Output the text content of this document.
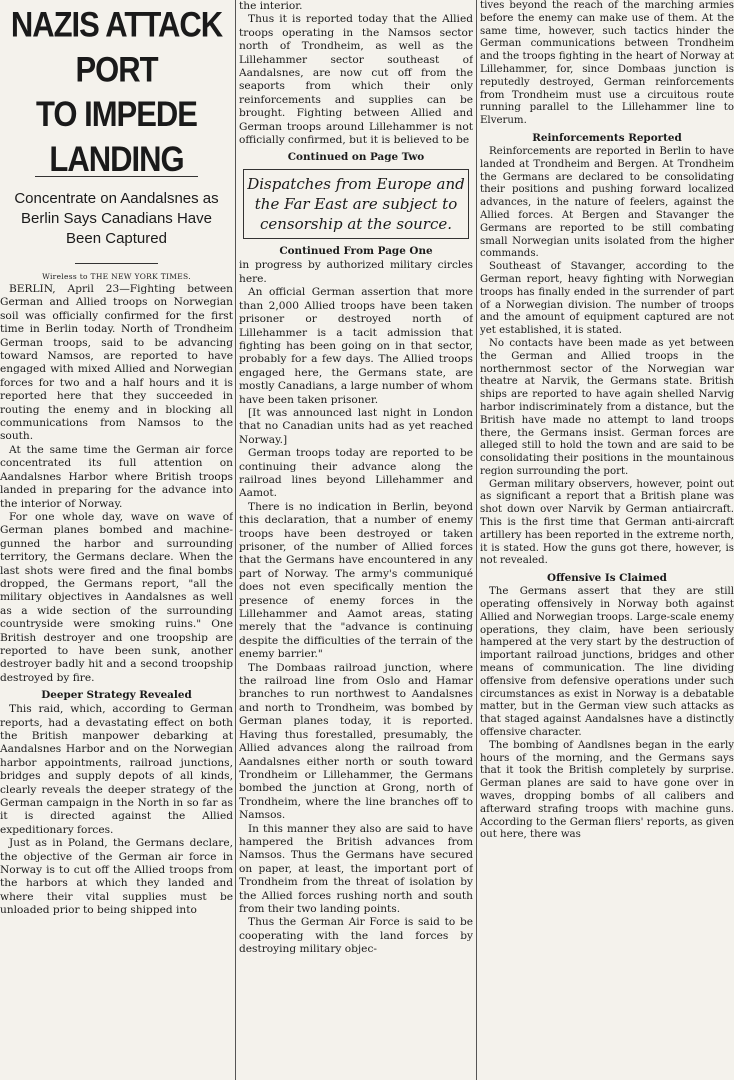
NAZIS ATTACK PORT
TO IMPEDE LANDING
Concentrate on Aandalsnes as Berlin Says Canadians Have Been Captured
Wireless to THE NEW YORK TIMES.

BERLIN, April 23—Fighting between German and Allied troops on Norwegian soil was officially confirmed for the first time in Berlin today. North of Trondheim German troops, said to be advancing toward Namsos, are reported to have engaged with mixed Allied and Norwegian forces for two and a half hours and it is reported here that they succeeded in routing the enemy and in blocking all communications from Namsos to the south.

At the same time the German air force concentrated its full attention on Aandalsnes Harbor where British troops landed in preparing for the advance into the interior of Norway.

For one whole day, wave on wave of German planes bombed and machine-gunned the harbor and surrounding territory, the Germans declare. When the last shots were fired and the final bombs dropped, the Germans report, "all the military objectives in Aandalsnes as well as a wide section of the surrounding countryside were smoking ruins." One British destroyer and one troopship are reported to have been sunk, another destroyer badly hit and a second troopship destroyed by fire.

Deeper Strategy Revealed

This raid, which, according to German reports, had a devastating effect on both the British manpower debarking at Aandalsnes Harbor and on the Norwegian harbor appointments, railroad junctions, bridges and supply depots of all kinds, clearly reveals the deeper strategy of the German campaign in the North in so far as it is directed against the Allied expeditionary forces.

Just as in Poland, the Germans declare, the objective of the German air force in Norway is to cut off the Allied troops from the harbors at which they landed and where their vital supplies must be unloaded prior to being shipped into

the interior.

Thus it is reported today that the Allied troops operating in the Namsos sector north of Trondheim, as well as the Lillehammer sector southeast of Aandalsnes, are now cut off from the seaports from which their only reinforcements and supplies can be brought. Fighting between Allied and German troops around Lillehammer is not officially confirmed, but it is believed to be

Continued on Page Two
Dispatches from Europe and the Far East are subject to censorship at the source.
Continued From Page One

in progress by authorized military circles here.

An official German assertion that more than 2,000 Allied troops have been taken prisoner or destroyed north of Lillehammer is a tacit admission that fighting has been going on in that sector, probably for a few days. The Allied troops engaged here, the Germans state, are mostly Canadians, a large number of whom have been taken prisoner.

[It was announced last night in London that no Canadian units had as yet reached Norway.]

German troops today are reported to be continuing their advance along the railroad lines beyond Lillehammer and Aamot.

There is no indication in Berlin, beyond this declaration, that a number of enemy troops have been destroyed or taken prisoner, of the number of Allied forces that the Germans have encountered in any part of Norway. The army's communiqué does not even specifically mention the presence of enemy forces in the Lillehammer and Aamot areas, stating merely that the "advance is continuing despite the difficulties of the terrain of the enemy barrier."

The Dombaas railroad junction, where the railroad line from Oslo and Hamar branches to run northwest to Aandalsnes and north to Trondheim, was bombed by German planes today, it is reported. Having thus forestalled, presumably, the Allied advances along the railroad from Aandalsnes either north or south toward Trondheim or Lillehammer, the Germans bombed the junction at Grong, north of Trondheim, where the line branches off to Namsos.

In this manner they also are said to have hampered the British advances from Namsos. Thus the Germans have secured on paper, at least, the important port of Trondheim from the threat of isolation by the Allied forces rushing north and south from their two landing points.

Thus the German Air Force is said to be cooperating with the land forces by destroying military objec-

tives beyond the reach of the marching armies before the enemy can make use of them. At the same time, however, such tactics hinder the German communications between Trondheim and the troops fighting in the heart of Norway at Lillehammer, for, since Dombaas junction is reputedly destroyed, German reinforcements from Trondheim must use a circuitous route running parallel to the Lillehammer line to Elverum.

Reinforcements Reported

Reinforcements are reported in Berlin to have landed at Trondheim and Bergen. At Trondheim the Germans are declared to be consolidating their positions and pushing forward localized advances, in the nature of feelers, against the Allied forces. At Bergen and Stavanger the Germans are reported to be still combating small Norwegian units isolated from the higher commands.

Southeast of Stavanger, according to the German report, heavy fighting with Norwegian troops has finally ended in the surrender of part of a Norwegian division. The number of troops and the amount of equipment captured are not yet established, it is stated.

No contacts have been made as yet between the German and Allied troops in the northernmost sector of the Norwegian war theatre at Narvik, the Germans state. British ships are reported to have again shelled Narvig harbor indiscriminately from a distance, but the British have made no attempt to land troops there, the Germans insist. German forces are alleged still to hold the town and are said to be consolidating their positions in the mountainous region surrounding the port.

German military observers, however, point out as significant a report that a British plane was shot down over Narvik by German antiaircraft. This is the first time that German anti-aircraft artillery has been reported in the extreme north, it is stated. How the guns got there, however, is not revealed.

Offensive Is Claimed

The Germans assert that they are still operating offensively in Norway both against Allied and Norwegian troops. Large-scale enemy operations, they claim, have been seriously hampered at the very start by the destruction of important railroad junctions, bridges and other means of communication. The line dividing offensive from defensive operations under such circumstances as exist in Norway is a debatable matter, but in the German view such attacks as that staged against Aandalsnes have a distinctly offensive character.

The bombing of Aandlsnes began in the early hours of the morning, and the Germans says that it took the British completely by surprise. German planes are said to have gone over in waves, dropping bombs of all calibers and afterward strafing troops with machine guns. According to the German fliers' reports, as given out here, there was
